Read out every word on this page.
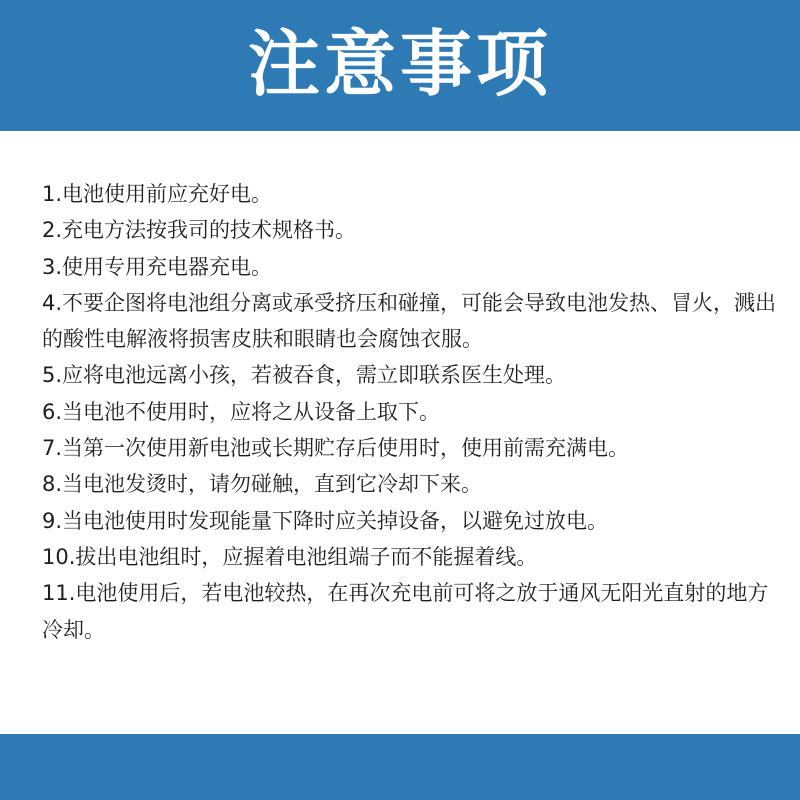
注意事项
1.电池使用前应充好电。
2.充电方法按我司的技术规格书。
3.使用专用充电器充电。
4.不要企图将电池组分离或承受挤压和碰撞，可能会导致电池发热、冒火，溅出的酸性电解液将损害皮肤和眼睛也会腐蚀衣服。
5.应将电池远离小孩，若被吞食，需立即联系医生处理。
6.当电池不使用时，应将之从设备上取下。
7.当第一次使用新电池或长期贮存后使用时，使用前需充满电。
8.当电池发烫时，请勿碰触，直到它冷却下来。
9.当电池使用时发现能量下降时应关掉设备，以避免过放电。
10.拔出电池组时，应握着电池组端子而不能握着线。
11.电池使用后，若电池较热，在再次充电前可将之放于通风无阳光直射的地方冷却。
